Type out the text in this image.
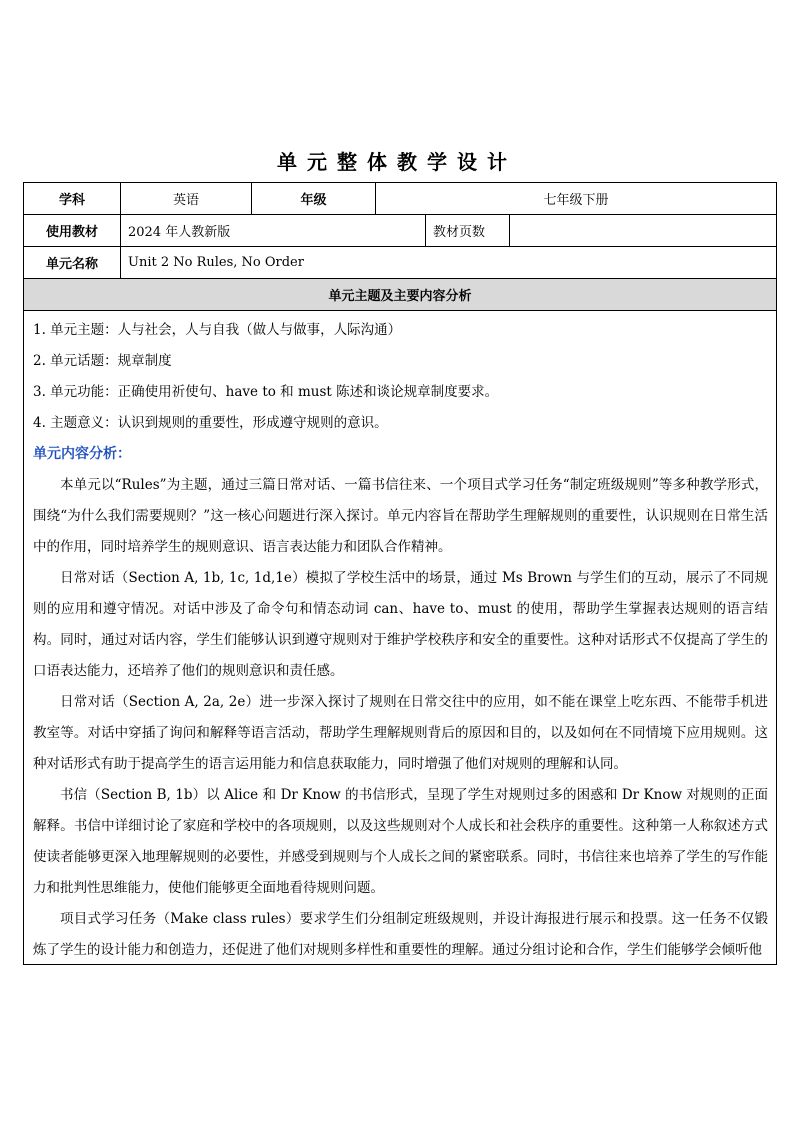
单元整体教学设计
学科	英语	年级	七年级下册
使用教材	2024 年人教新版	教材页数
单元名称	Unit 2 No Rules, No Order
单元主题及主要内容分析

1. 单元主题：人与社会，人与自我（做人与做事，人际沟通）

2. 单元话题：规章制度

3. 单元功能：正确使用祈使句、have to 和 must 陈述和谈论规章制度要求。

4. 主题意义：认识到规则的重要性，形成遵守规则的意识。

单元内容分析：

本单元以“Rules”为主题，通过三篇日常对话、一篇书信往来、一个项目式学习任务“制定班级规则”等多种教学形式，围绕“为什么我们需要规则？”这一核心问题进行深入探讨。单元内容旨在帮助学生理解规则的重要性，认识规则在日常生活中的作用，同时培养学生的规则意识、语言表达能力和团队合作精神。

日常对话（Section A, 1b, 1c, 1d,1e）模拟了学校生活中的场景，通过 Ms Brown 与学生们的互动，展示了不同规则的应用和遵守情况。对话中涉及了命令句和情态动词 can、have to、must 的使用，帮助学生掌握表达规则的语言结构。同时，通过对话内容，学生们能够认识到遵守规则对于维护学校秩序和安全的重要性。这种对话形式不仅提高了学生的口语表达能力，还培养了他们的规则意识和责任感。

日常对话（Section A, 2a, 2e）进一步深入探讨了规则在日常交往中的应用，如不能在课堂上吃东西、不能带手机进教室等。对话中穿插了询问和解释等语言活动，帮助学生理解规则背后的原因和目的，以及如何在不同情境下应用规则。这种对话形式有助于提高学生的语言运用能力和信息获取能力，同时增强了他们对规则的理解和认同。

书信（Section B, 1b）以 Alice 和 Dr Know 的书信形式，呈现了学生对规则过多的困惑和 Dr Know 对规则的正面解释。书信中详细讨论了家庭和学校中的各项规则，以及这些规则对个人成长和社会秩序的重要性。这种第一人称叙述方式使读者能够更深入地理解规则的必要性，并感受到规则与个人成长之间的紧密联系。同时，书信往来也培养了学生的写作能力和批判性思维能力，使他们能够更全面地看待规则问题。

项目式学习任务（Make class rules）要求学生们分组制定班级规则，并设计海报进行展示和投票。这一任务不仅锻炼了学生的设计能力和创造力，还促进了他们对规则多样性和重要性的理解。通过分组讨论和合作，学生们能够学会倾听他
